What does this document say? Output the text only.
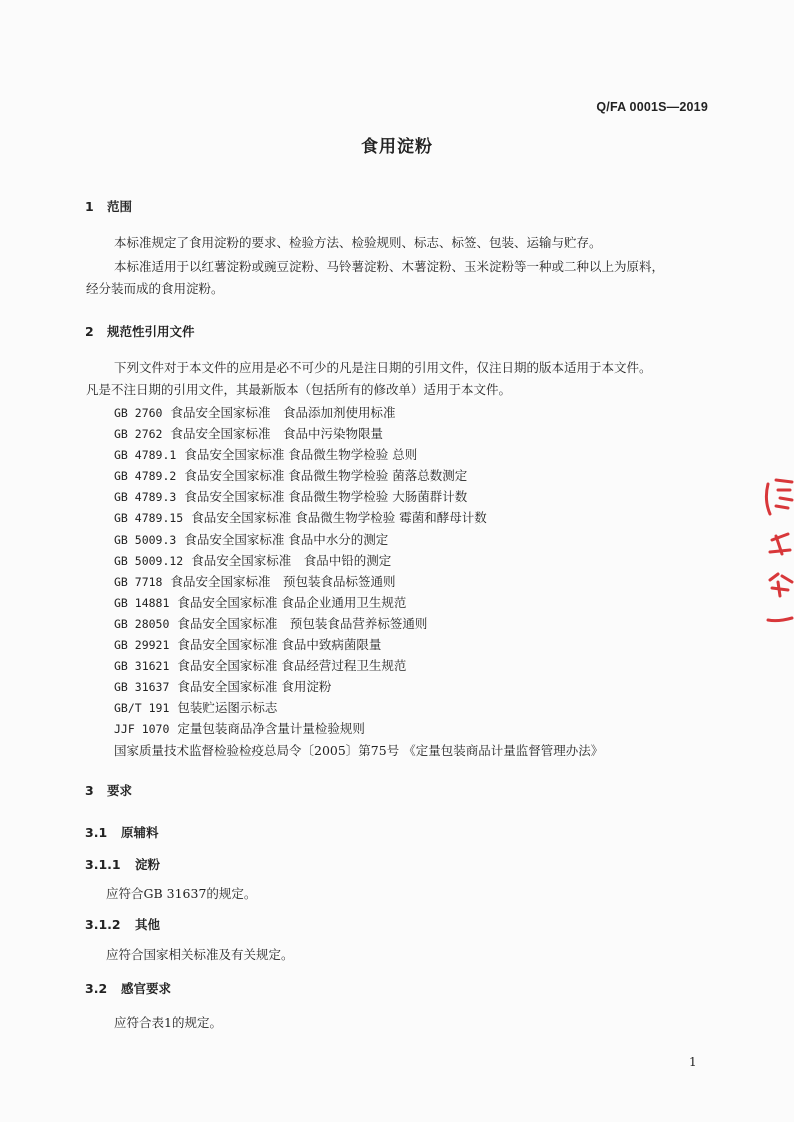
Q/FA 0001S—2019
食用淀粉
1 范围
本标准规定了食用淀粉的要求、检验方法、检验规则、标志、标签、包装、运输与贮存。
本标准适用于以红薯淀粉或豌豆淀粉、马铃薯淀粉、木薯淀粉、玉米淀粉等一种或二种以上为原料，
经分装而成的食用淀粉。
2 规范性引用文件
下列文件对于本文件的应用是必不可少的凡是注日期的引用文件，仅注日期的版本适用于本文件。
凡是不注日期的引用文件，其最新版本（包括所有的修改单）适用于本文件。
GB 2760 食品安全国家标准　食品添加剂使用标准
GB 2762 食品安全国家标准　食品中污染物限量
GB 4789.1 食品安全国家标准 食品微生物学检验 总则
GB 4789.2 食品安全国家标准 食品微生物学检验 菌落总数测定
GB 4789.3 食品安全国家标准 食品微生物学检验 大肠菌群计数
GB 4789.15 食品安全国家标准 食品微生物学检验 霉菌和酵母计数
GB 5009.3 食品安全国家标准 食品中水分的测定
GB 5009.12 食品安全国家标准　食品中铅的测定
GB 7718 食品安全国家标准　预包装食品标签通则
GB 14881 食品安全国家标准 食品企业通用卫生规范
GB 28050 食品安全国家标准　预包装食品营养标签通则
GB 29921 食品安全国家标准 食品中致病菌限量
GB 31621 食品安全国家标准 食品经营过程卫生规范
GB 31637 食品安全国家标准 食用淀粉
GB/T 191 包装贮运图示标志
JJF 1070 定量包装商品净含量计量检验规则
国家质量技术监督检验检疫总局令〔2005〕第75号 《定量包装商品计量监督管理办法》
3 要求
3.1 原辅料
3.1.1 淀粉
应符合GB 31637的规定。
3.1.2 其他
应符合国家相关标准及有关规定。
3.2 感官要求
应符合表1的规定。
1
